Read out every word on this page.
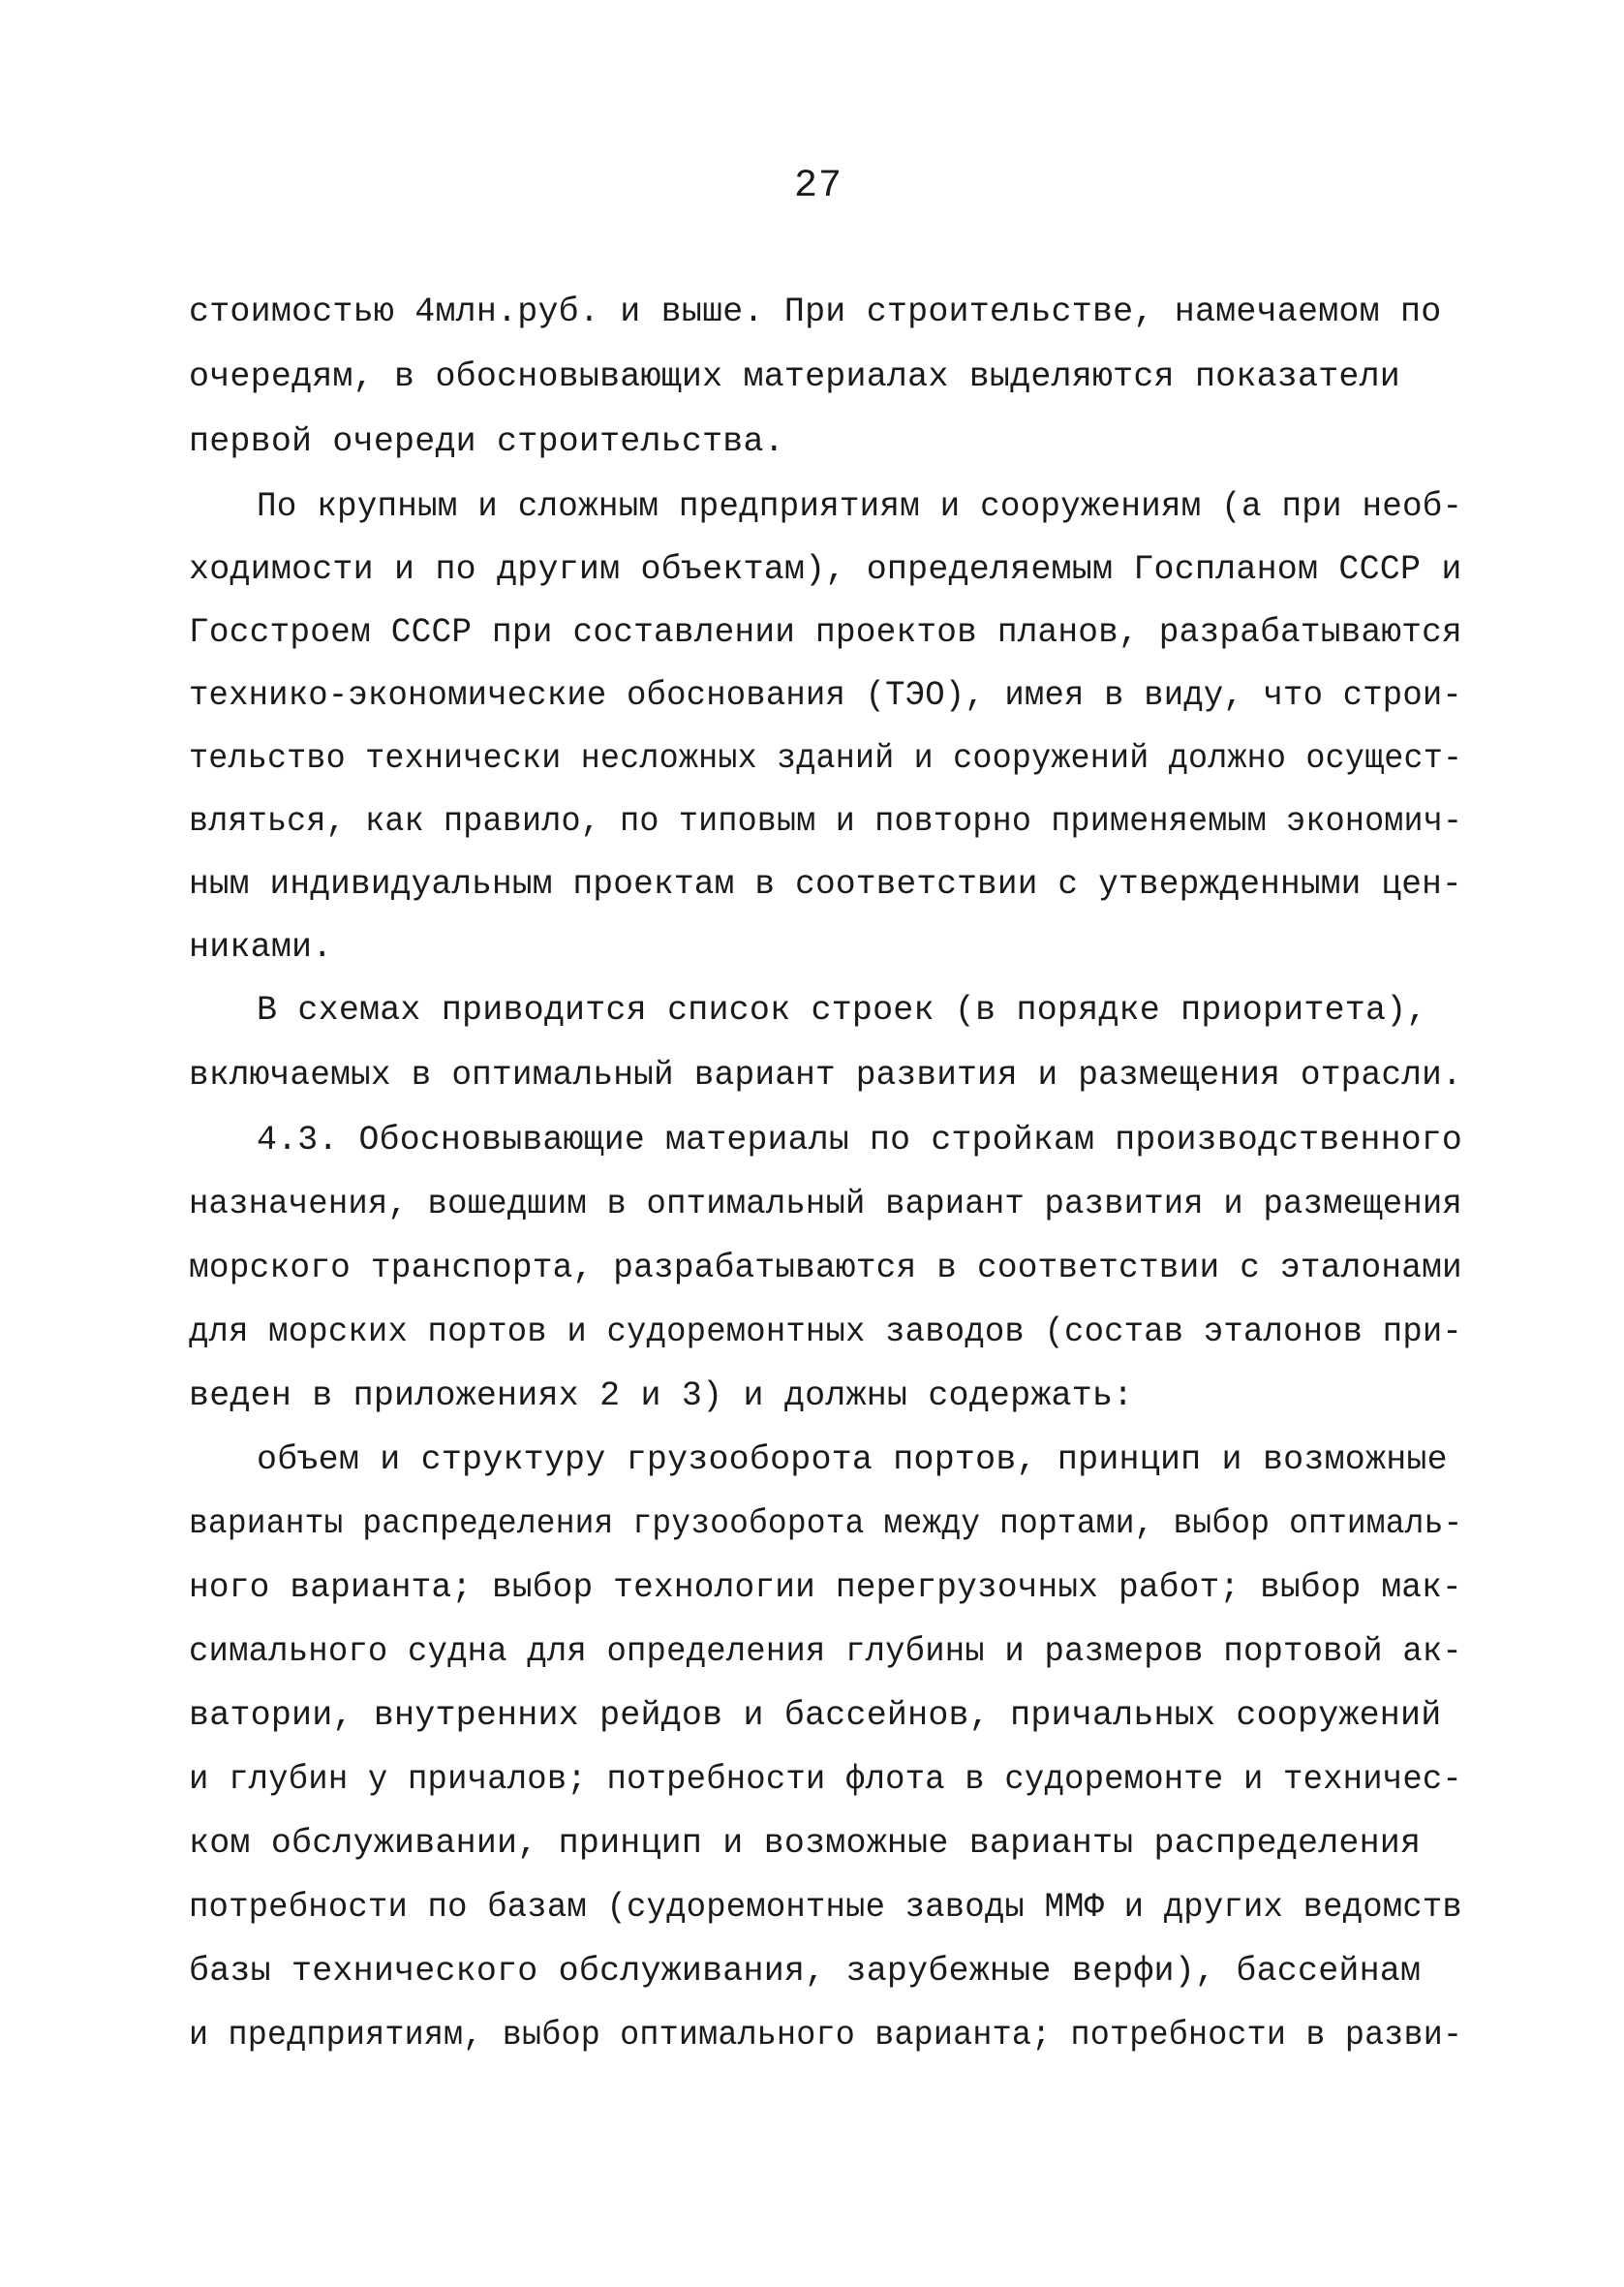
27
стоимостью 4млн.руб. и выше. При строительстве, намечаемом по
очередям, в обосновывающих материалах выделяются показатели
первой очереди строительства.
По крупным и сложным предприятиям и сооружениям (а при необ-
ходимости и по другим объектам), определяемым Госпланом СССР и
Госстроем СССР при составлении проектов планов, разрабатываются
технико-экономические обоснования (ТЭО), имея в виду, что строи-
тельство технически несложных зданий и сооружений должно осущест-
вляться, как правило, по типовым и повторно применяемым экономич-
ным индивидуальным проектам в соответствии с утвержденными цен-
никами.
В схемах приводится список строек (в порядке приоритета),
включаемых в оптимальный вариант развития и размещения отрасли.
4.3. Обосновывающие материалы по стройкам производственного
назначения, вошедшим в оптимальный вариант развития и размещения
морского транспорта, разрабатываются в соответствии с эталонами
для морских портов и судоремонтных заводов (состав эталонов при-
веден в приложениях 2 и 3) и должны содержать:
объем и структуру грузооборота портов, принцип и возможные
варианты распределения грузооборота между портами, выбор оптималь-
ного варианта; выбор технологии перегрузочных работ; выбор мак-
симального судна для определения глубины и размеров портовой ак-
ватории, внутренних рейдов и бассейнов, причальных сооружений
и глубин у причалов; потребности флота в судоремонте и техничес-
ком обслуживании, принцип и возможные варианты распределения
потребности по базам (судоремонтные заводы ММФ и других ведомств
базы технического обслуживания, зарубежные верфи), бассейнам
и предприятиям, выбор оптимального варианта; потребности в разви-
